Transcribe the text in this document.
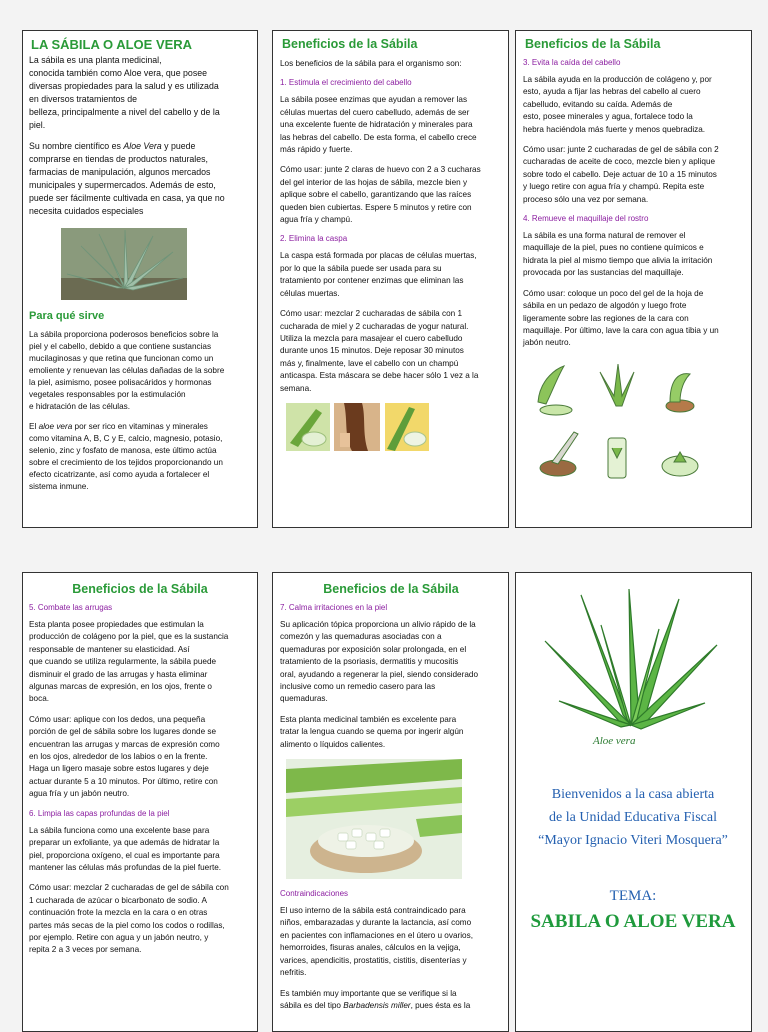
LA SÁBILA O ALOE VERA

La sábila es una planta medicinal,
conocida también como Aloe vera, que posee
diversas propiedades para la salud y es utilizada
en diversos tratamientos de
belleza, principalmente a nivel del cabello y de la
piel.

Su nombre científico es Aloe Vera y puede
comprarse en tiendas de productos naturales,
farmacias de manipulación, algunos mercados
municipales y supermercados. Además de esto,
puede ser fácilmente cultivada en casa, ya que no
necesita cuidados especiales

Para qué sirve

La sábila proporciona poderosos beneficios sobre la
piel y el cabello, debido a que contiene sustancias
mucilaginosas y que retina que funcionan como un
emoliente y renuevan las células dañadas de la sobre
la piel, asimismo, posee polisacáridos y hormonas
vegetales responsables por la estimulación
e hidratación de las células.

El aloe vera por ser rico en vitaminas y minerales
como vitamina A, B, C y E, calcio, magnesio, potasio,
selenio, zinc y fosfato de manosa, este último actúa
sobre el crecimiento de los tejidos proporcionando un
efecto cicatrizante, así como ayuda a fortalecer el
sistema inmune.

Beneficios de la Sábila

Los beneficios de la sábila para el organismo son:

1. Estimula el crecimiento del cabello

La sábila posee enzimas que ayudan a remover las
células muertas del cuero cabelludo, además de ser
una excelente fuente de hidratación y minerales para
las hebras del cabello. De esta forma, el cabello crece
más rápido y fuerte.

Cómo usar: junte 2 claras de huevo con 2 a 3 cucharas
del gel interior de las hojas de sábila, mezcle bien y
aplique sobre el cabello, garantizando que las raíces
queden bien cubiertas. Espere 5 minutos y retire con
agua fría y champú.

2. Elimina la caspa

La caspa está formada por placas de células muertas,
por lo que la sábila puede ser usada para su
tratamiento por contener enzimas que eliminan las
células muertas.

Cómo usar: mezclar 2 cucharadas de sábila con 1
cucharada de miel y 2 cucharadas de yogur natural.
Utiliza la mezcla para masajear el cuero cabelludo
durante unos 15 minutos. Deje reposar 30 minutos
más y, finalmente, lave el cabello con un champú
anticaspa. Esta máscara se debe hacer sólo 1 vez a la
semana.

Beneficios de la Sábila
3. Evita la caída del cabello

La sábila ayuda en la producción de colágeno y, por
esto, ayuda a fijar las hebras del cabello al cuero
cabelludo, evitando su caída. Además de
esto, posee minerales y agua, fortalece todo la
hebra haciéndola más fuerte y menos quebradiza.

Cómo usar: junte 2 cucharadas de gel de sábila con 2
cucharadas de aceite de coco, mezcle bien y aplique
sobre todo el cabello. Deje actuar de 10 a 15 minutos
y luego retire con agua fría y champú. Repita este
proceso sólo una vez por semana.

4. Remueve el maquillaje del rostro

La sábila es una forma natural de remover el
maquillaje de la piel, pues no contiene químicos e
hidrata la piel al mismo tiempo que alivia la irritación
provocada por las sustancias del maquillaje.

Cómo usar: coloque un poco del gel de la hoja de
sábila en un pedazo de algodón y luego frote
ligeramente sobre las regiones de la cara con
maquillaje. Por último, lave la cara con agua tibia y un
jabón neutro.

Beneficios de la Sábila
5. Combate las arrugas

Esta planta posee propiedades que estimulan la
producción de colágeno por la piel, que es la sustancia
responsable de mantener su elasticidad. Así
que cuando se utiliza regularmente, la sábila puede
disminuir el grado de las arrugas y hasta eliminar
algunas marcas de expresión, en los ojos, frente o
boca.

Cómo usar: aplique con los dedos, una pequeña
porción de gel de sábila sobre los lugares donde se
encuentran las arrugas y marcas de expresión como
en los ojos, alrededor de los labios o en la frente.
Haga un ligero masaje sobre estos lugares y deje
actuar durante 5 a 10 minutos. Por último, retire con
agua fría y un jabón neutro.

6. Limpia las capas profundas de la piel

La sábila funciona como una excelente base para
preparar un exfoliante, ya que además de hidratar la
piel, proporciona oxígeno, el cual es importante para
mantener las células más profundas de la piel fuerte.

Cómo usar: mezclar 2 cucharadas de gel de sábila con
1 cucharada de azúcar o bicarbonato de sodio. A
continuación frote la mezcla en la cara o en otras
partes más secas de la piel como los codos o rodillas,
por ejemplo. Retire con agua y un jabón neutro, y
repita 2 a 3 veces por semana.

Beneficios de la Sábila
7. Calma irritaciones en la piel

Su aplicación tópica proporciona un alivio rápido de la
comezón y las quemaduras asociadas con a
quemaduras por exposición solar prolongada, en el
tratamiento de la psoriasis, dermatitis y mucositis
oral, ayudando a regenerar la piel, siendo considerado
inclusive como un remedio casero para las
quemaduras.

Esta planta medicinal también es excelente para
tratar la lengua cuando se quema por ingerir algún
alimento o líquidos calientes.

Contraindicaciones

El uso interno de la sábila está contraindicado para
niños, embarazadas y durante la lactancia, así como
en pacientes con inflamaciones en el útero u ovarios,
hemorroides, fisuras anales, cálculos en la vejiga,
varices, apendicitis, prostatitis, cistitis, disenterías y
nefritis.

Es también muy importante que se verifique si la
sábila es del tipo Barbadensis miller, pues ésta es la

Aloe vera
Bienvenidos a la casa abierta
de la Unidad Educativa Fiscal
“Mayor Ignacio Viteri Mosquera”
TEMA:
SABILA O ALOE VERA
